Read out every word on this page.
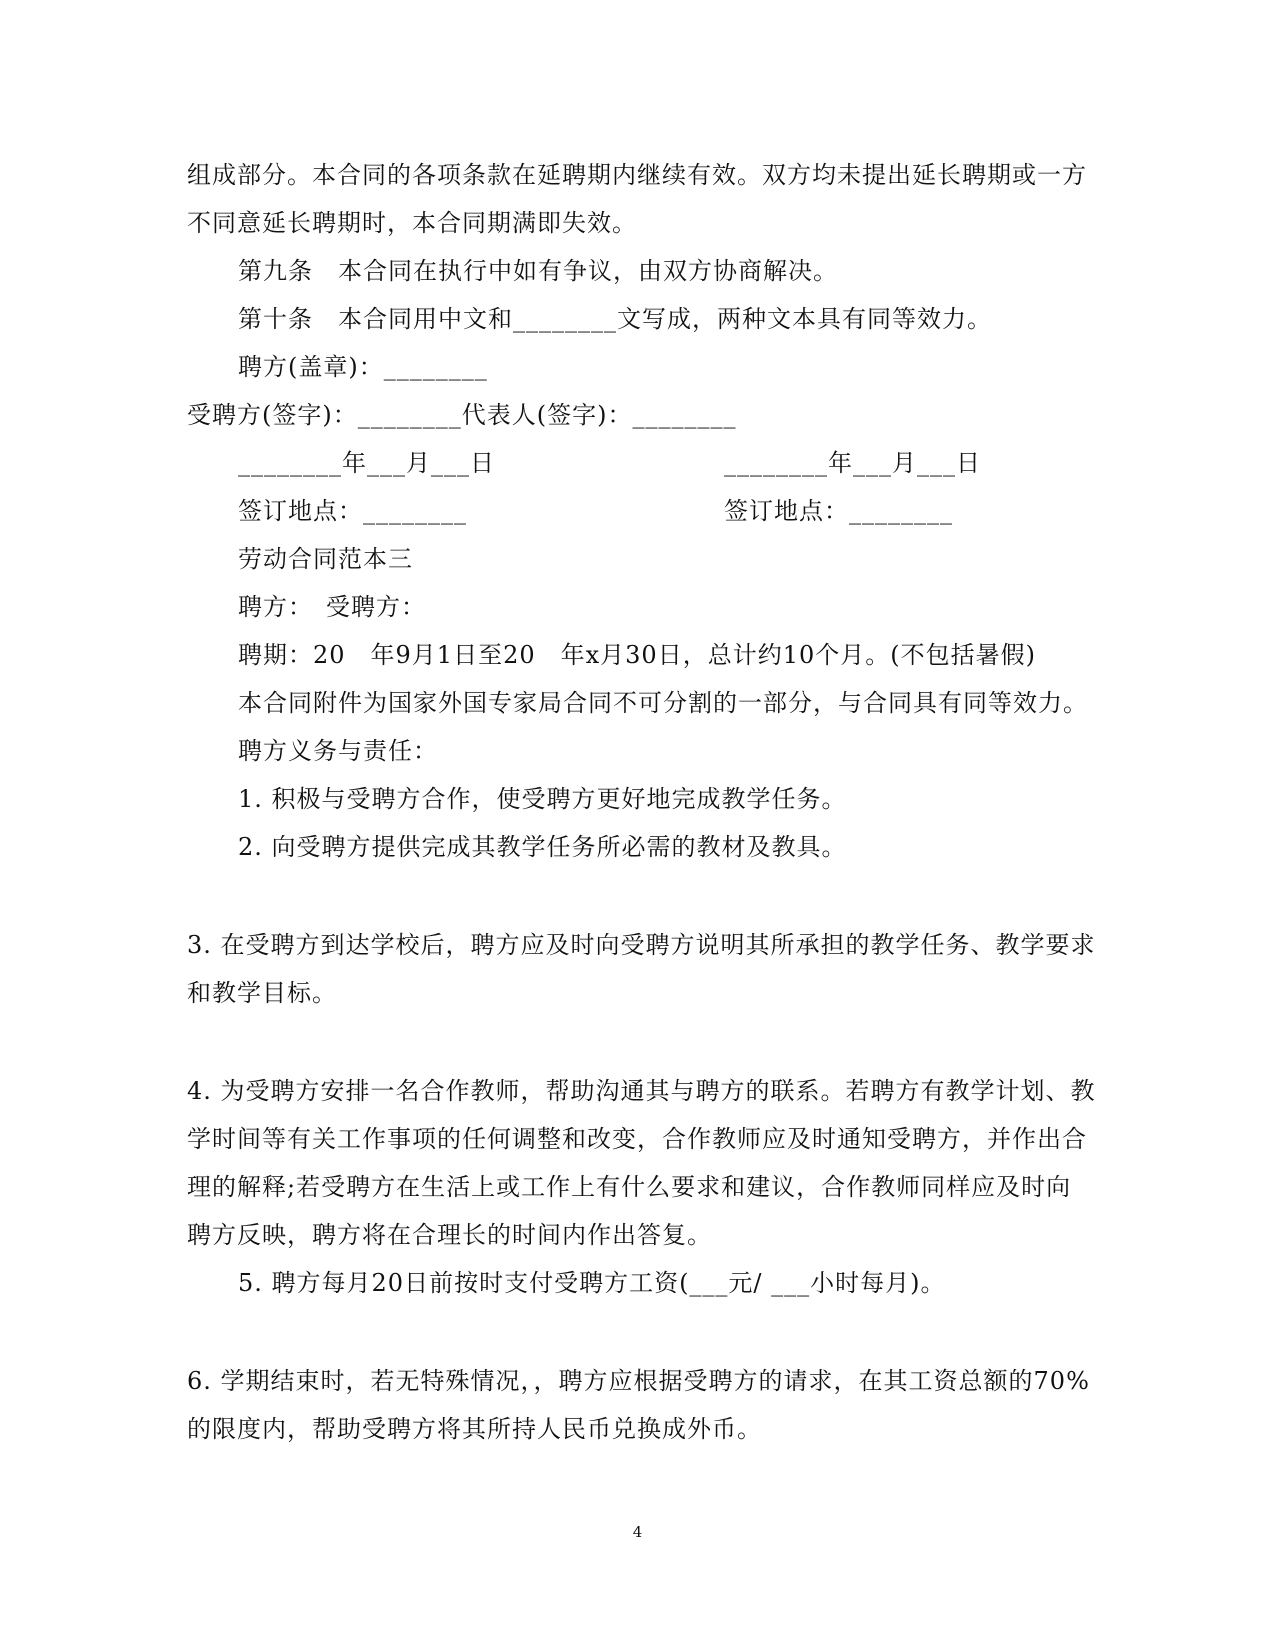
组成部分。本合同的各项条款在延聘期内继续有效。双方均未提出延长聘期或一方
不同意延长聘期时，本合同期满即失效。
第九条　本合同在执行中如有争议，由双方协商解决。
第十条　本合同用中文和________文写成，两种文本具有同等效力。
聘方(盖章)：________
受聘方(签字)：________代表人(签字)：________
________年___月___日	________年___月___日
签订地点：________	签订地点：________
劳动合同范本三
聘方：　受聘方：
聘期：20　年9月1日至20　年x月30日，总计约10个月。(不包括暑假)
本合同附件为国家外国专家局合同不可分割的一部分，与合同具有同等效力。
聘方义务与责任：
1. 积极与受聘方合作，使受聘方更好地完成教学任务。
2. 向受聘方提供完成其教学任务所必需的教材及教具。
3. 在受聘方到达学校后，聘方应及时向受聘方说明其所承担的教学任务、教学要求
和教学目标。
4. 为受聘方安排一名合作教师，帮助沟通其与聘方的联系。若聘方有教学计划、教
学时间等有关工作事项的任何调整和改变，合作教师应及时通知受聘方，并作出合
理的解释;若受聘方在生活上或工作上有什么要求和建议，合作教师同样应及时向
聘方反映，聘方将在合理长的时间内作出答复。
5. 聘方每月20日前按时支付受聘方工资(___元/ ___小时每月)。
6. 学期结束时，若无特殊情况，，聘方应根据受聘方的请求，在其工资总额的70%
的限度内，帮助受聘方将其所持人民币兑换成外币。
4
